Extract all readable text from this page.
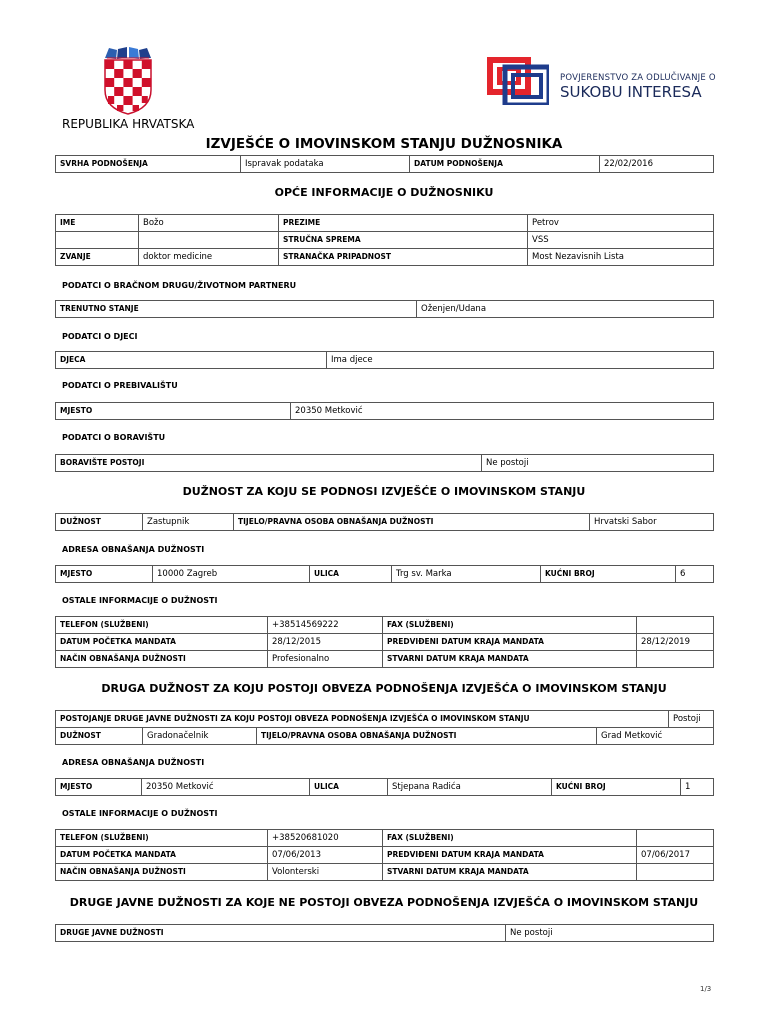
REPUBLIKA HRVATSKA
POVJERENSTVO ZA ODLUČIVANJE O
SUKOBU INTERESA
IZVJEŠĆE O IMOVINSKOM STANJU DUŽNOSNIKA
SVRHA PODNOŠENJA	Ispravak podataka	DATUM PODNOŠENJA	22/02/2016
OPĆE INFORMACIJE O DUŽNOSNIKU
IME	Božo	PREZIME	Petrov
		STRUČNA SPREMA	VSS
ZVANJE	doktor medicine	STRANAČKA PRIPADNOST	Most Nezavisnih Lista
PODATCI O BRAČNOM DRUGU/ŽIVOTNOM PARTNERU
TRENUTNO STANJE	Oženjen/Udana
PODATCI O DJECI
DJECA	Ima djece
PODATCI O PREBIVALIŠTU
MJESTO	20350 Metković
PODATCI O BORAVIŠTU
BORAVIŠTE POSTOJI	Ne postoji
DUŽNOST ZA KOJU SE PODNOSI IZVJEŠĆE O IMOVINSKOM STANJU
DUŽNOST	Zastupnik	TIJELO/PRAVNA OSOBA OBNAŠANJA DUŽNOSTI	Hrvatski Sabor
ADRESA OBNAŠANJA DUŽNOSTI
MJESTO	10000 Zagreb	ULICA	Trg sv. Marka	KUĆNI BROJ	6
OSTALE INFORMACIJE O DUŽNOSTI
TELEFON (SLUŽBENI)	+38514569222	FAX (SLUŽBENI)	
DATUM POČETKA MANDATA	28/12/2015	PREDVIĐENI DATUM KRAJA MANDATA	28/12/2019
NAČIN OBNAŠANJA DUŽNOSTI	Profesionalno	STVARNI DATUM KRAJA MANDATA	
DRUGA DUŽNOST ZA KOJU POSTOJI OBVEZA PODNOŠENJA IZVJEŠĆA O IMOVINSKOM STANJU
POSTOJANJE DRUGE JAVNE DUŽNOSTI ZA KOJU POSTOJI OBVEZA PODNOŠENJA IZVJEŠĆA O IMOVINSKOM STANJU				Postoji
DUŽNOST	Gradonačelnik	TIJELO/PRAVNA OSOBA OBNAŠANJA DUŽNOSTI	Grad Metković	
ADRESA OBNAŠANJA DUŽNOSTI
MJESTO	20350 Metković	ULICA	Stjepana Radića	KUĆNI BROJ	1
OSTALE INFORMACIJE O DUŽNOSTI
TELEFON (SLUŽBENI)	+38520681020	FAX (SLUŽBENI)	
DATUM POČETKA MANDATA	07/06/2013	PREDVIĐENI DATUM KRAJA MANDATA	07/06/2017
NAČIN OBNAŠANJA DUŽNOSTI	Volonterski	STVARNI DATUM KRAJA MANDATA	
DRUGE JAVNE DUŽNOSTI ZA KOJE NE POSTOJI OBVEZA PODNOŠENJA IZVJEŠĆA O IMOVINSKOM STANJU
DRUGE JAVNE DUŽNOSTI	Ne postoji
1/3
